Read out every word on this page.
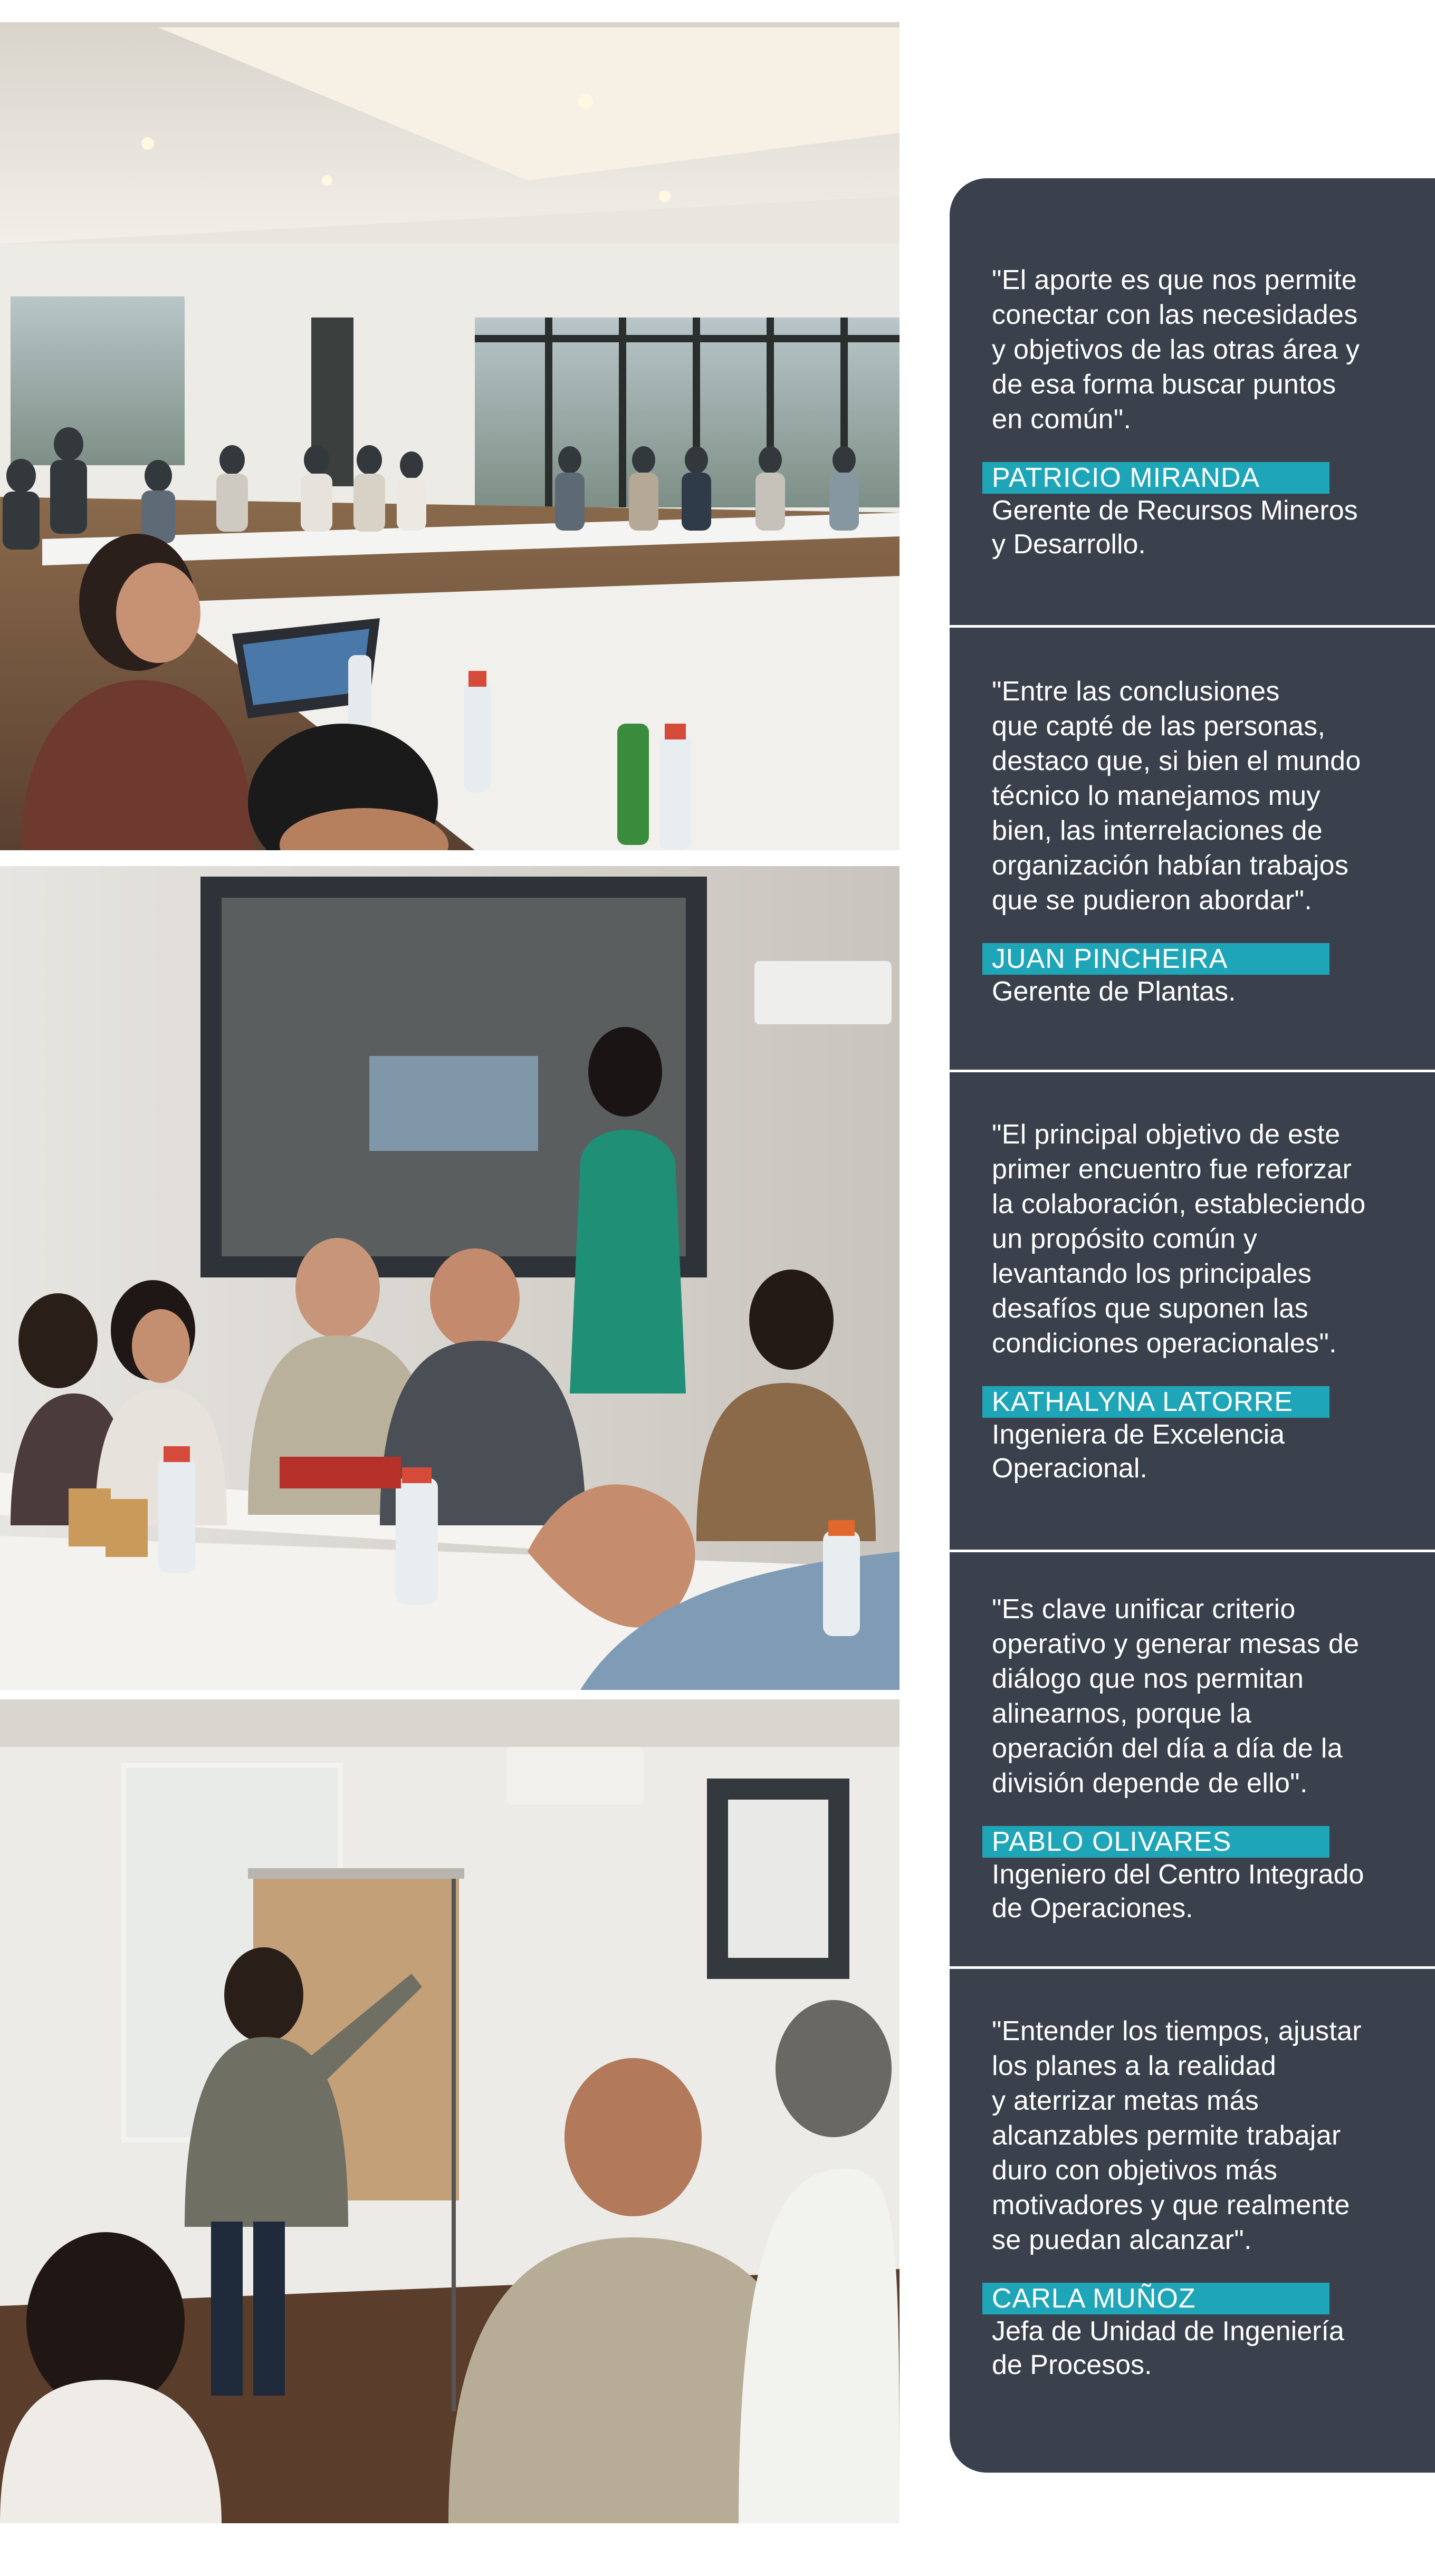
"El aporte es que nos permite
conectar con las necesidades
y objetivos de las otras área y
de esa forma buscar puntos
en común".

PATRICIO MIRANDA

Gerente de Recursos Mineros
y Desarrollo.

"Entre las conclusiones
que capté de las personas,
destaco que, si bien el mundo
técnico lo manejamos muy
bien, las interrelaciones de
organización habían trabajos
que se pudieron abordar".

JUAN PINCHEIRA

Gerente de Plantas.

"El principal objetivo de este
primer encuentro fue reforzar
la colaboración, estableciendo
un propósito común y
levantando los principales
desafíos que suponen las
condiciones operacionales".

KATHALYNA LATORRE

Ingeniera de Excelencia
Operacional.

"Es clave unificar criterio
operativo y generar mesas de
diálogo que nos permitan
alinearnos, porque la
operación del día a día de la
división depende de ello".

PABLO OLIVARES

Ingeniero del Centro Integrado
de Operaciones.

"Entender los tiempos, ajustar
los planes a la realidad
y aterrizar metas más
alcanzables permite trabajar
duro con objetivos más
motivadores y que realmente
se puedan alcanzar".

CARLA MUÑOZ

Jefa de Unidad de Ingeniería
de Procesos.
